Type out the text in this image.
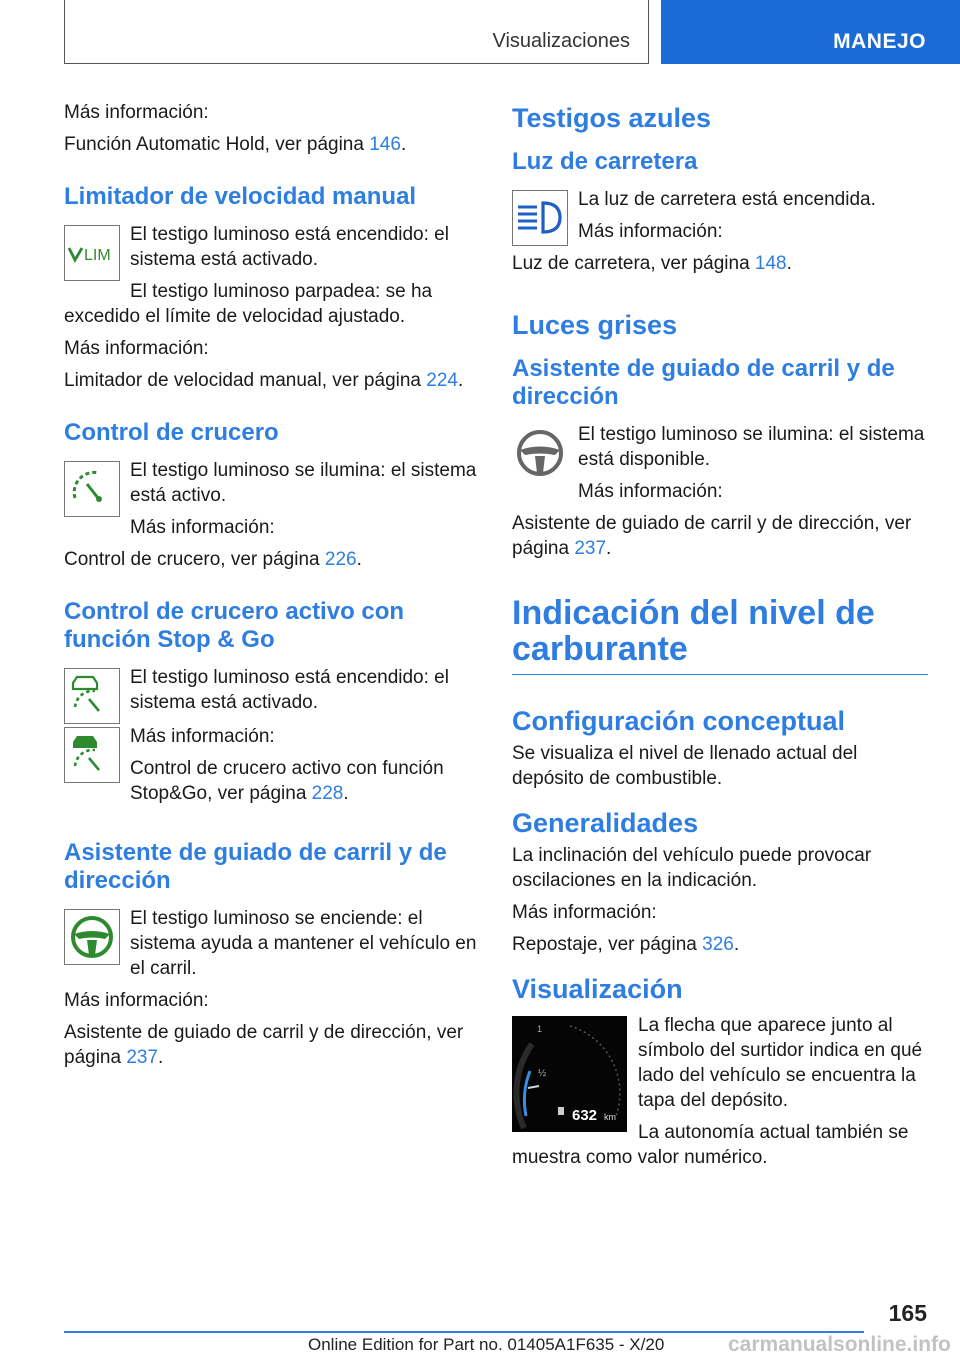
Visualizaciones	MANEJO

Más información:

Función Automatic Hold, ver página 146.

Limitador de velocidad manual
LIM

El testigo luminoso está encendido: el sistema está activado.

El testigo luminoso parpadea: se ha excedido el límite de velocidad ajustado.

Más información:

Limitador de velocidad manual, ver página 224.

Control de crucero

El testigo luminoso se ilumina: el sistema está activo.

Más información:

Control de crucero, ver página 226.

Control de crucero activo con función Stop & Go

El testigo luminoso está encendido: el sistema está activado.

Más información:

Control de crucero activo con función Stop&Go, ver página 228.

Asistente de guiado de carril y de dirección

El testigo luminoso se enciende: el sistema ayuda a mantener el vehículo en el carril.

Más información:

Asistente de guiado de carril y de dirección, ver página 237.

Testigos azules
Luz de carretera

La luz de carretera está encendida.

Más información:

Luz de carretera, ver página 148.

Luces grises
Asistente de guiado de carril y de dirección

El testigo luminoso se ilumina: el sistema está disponible.

Más información:

Asistente de guiado de carril y de dirección, ver página 237.

Indicación del nivel de carburante
Configuración conceptual

Se visualiza el nivel de llenado actual del depósito de combustible.

Generalidades

La inclinación del vehículo puede provocar oscilaciones en la indicación.

Más información:

Repostaje, ver página 326.

Visualización
1
½
632 km

La flecha que aparece junto al símbolo del surtidor indica en qué lado del vehículo se encuentra la tapa del depósito.

La autonomía actual también se muestra como valor numérico.

165
Online Edition for Part no. 01405A1F635 - X/20	carmanualsonline.info
